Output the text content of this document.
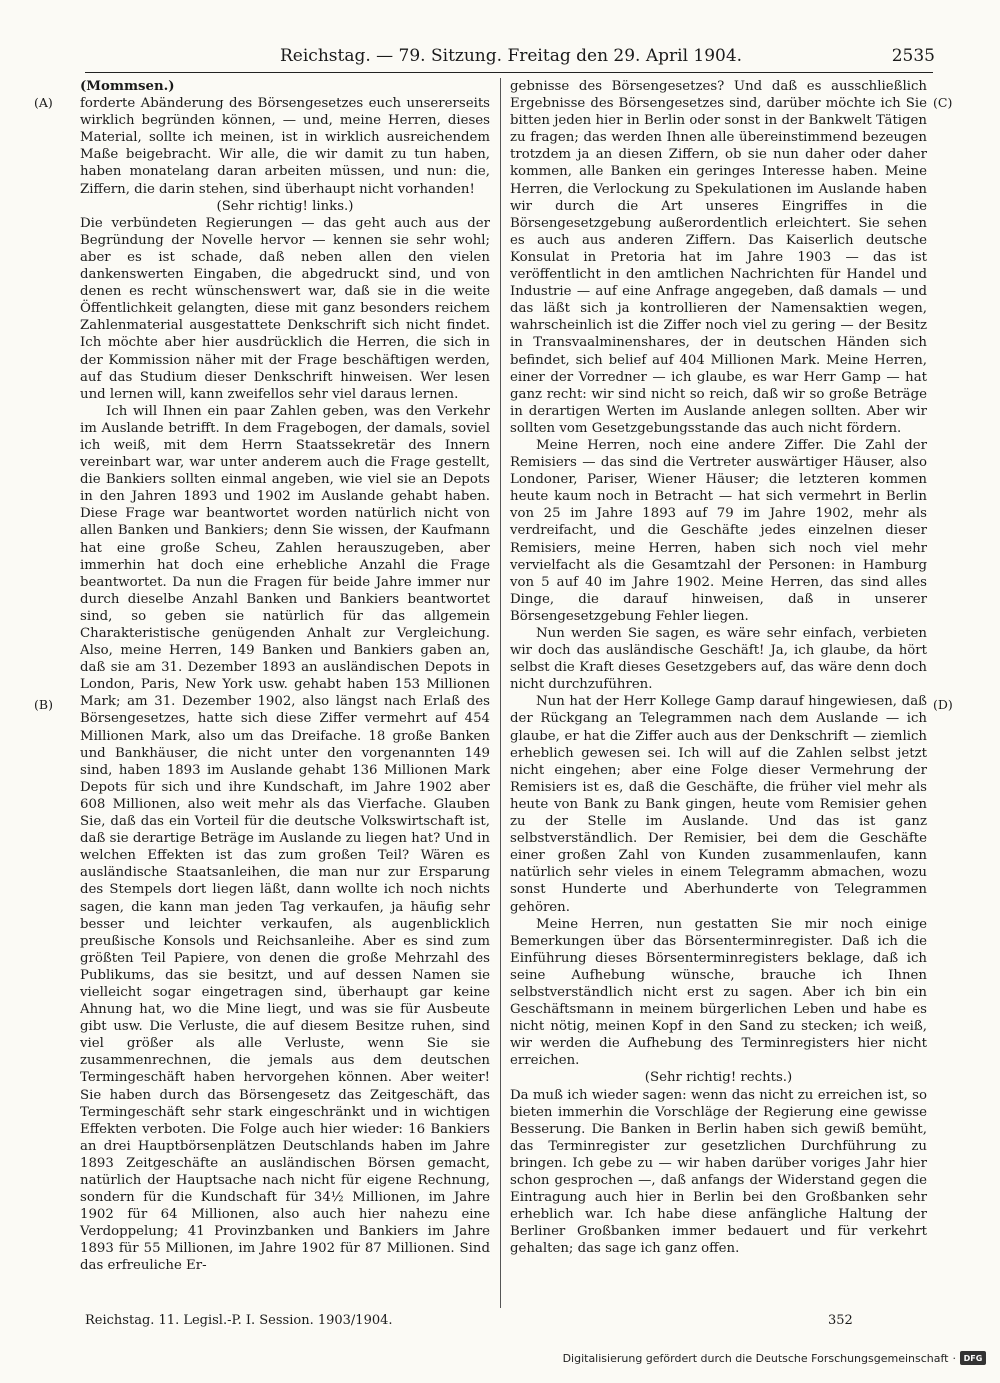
Reichstag. — 79. Sitzung. Freitag den 29. April 1904.	2535
(A)
(B)
(C)
(D)

(Mommsen.)

forderte Abänderung des Börsengesetzes euch unsererseits wirklich begründen können, — und, meine Herren, dieses Material, sollte ich meinen, ist in wirklich ausreichendem Maße beigebracht. Wir alle, die wir damit zu tun haben, haben monatelang daran arbeiten müssen, und nun: die, Ziffern, die darin stehen, sind überhaupt nicht vorhanden!

(Sehr richtig! links.)

Die verbündeten Regierungen — das geht auch aus der Begründung der Novelle hervor — kennen sie sehr wohl; aber es ist schade, daß neben allen den vielen dankenswerten Eingaben, die abgedruckt sind, und von denen es recht wünschenswert war, daß sie in die weite Öffentlichkeit gelangten, diese mit ganz besonders reichem Zahlenmaterial ausgestattete Denkschrift sich nicht findet. Ich möchte aber hier ausdrücklich die Herren, die sich in der Kommission näher mit der Frage beschäftigen werden, auf das Studium dieser Denkschrift hinweisen. Wer lesen und lernen will, kann zweifellos sehr viel daraus lernen.

Ich will Ihnen ein paar Zahlen geben, was den Verkehr im Auslande betrifft. In dem Fragebogen, der damals, soviel ich weiß, mit dem Herrn Staatssekretär des Innern vereinbart war, war unter anderem auch die Frage gestellt, die Bankiers sollten einmal angeben, wie viel sie an Depots in den Jahren 1893 und 1902 im Auslande gehabt haben. Diese Frage war beantwortet worden natürlich nicht von allen Banken und Bankiers; denn Sie wissen, der Kaufmann hat eine große Scheu, Zahlen herauszugeben, aber immerhin hat doch eine erhebliche Anzahl die Frage beantwortet. Da nun die Fragen für beide Jahre immer nur durch dieselbe Anzahl Banken und Bankiers beantwortet sind, so geben sie natürlich für das allgemein Charakteristische genügenden Anhalt zur Vergleichung. Also, meine Herren, 149 Banken und Bankiers gaben an, daß sie am 31. Dezember 1893 an ausländischen Depots in London, Paris, New York usw. gehabt haben 153 Millionen Mark; am 31. Dezember 1902, also längst nach Erlaß des Börsengesetzes, hatte sich diese Ziffer vermehrt auf 454 Millionen Mark, also um das Dreifache. 18 große Banken und Bankhäuser, die nicht unter den vorgenannten 149 sind, haben 1893 im Auslande gehabt 136 Millionen Mark Depots für sich und ihre Kundschaft, im Jahre 1902 aber 608 Millionen, also weit mehr als das Vierfache. Glauben Sie, daß das ein Vorteil für die deutsche Volkswirtschaft ist, daß sie derartige Beträge im Auslande zu liegen hat? Und in welchen Effekten ist das zum großen Teil? Wären es ausländische Staatsanleihen, die man nur zur Ersparung des Stempels dort liegen läßt, dann wollte ich noch nichts sagen, die kann man jeden Tag verkaufen, ja häufig sehr besser und leichter verkaufen, als augenblicklich preußische Konsols und Reichsanleihe. Aber es sind zum größten Teil Papiere, von denen die große Mehrzahl des Publikums, das sie besitzt, und auf dessen Namen sie vielleicht sogar eingetragen sind, überhaupt gar keine Ahnung hat, wo die Mine liegt, und was sie für Ausbeute gibt usw. Die Verluste, die auf diesem Besitze ruhen, sind viel größer als alle Verluste, wenn Sie sie zusammenrechnen, die jemals aus dem deutschen Termingeschäft haben hervorgehen können. Aber weiter! Sie haben durch das Börsengesetz das Zeitgeschäft, das Termingeschäft sehr stark eingeschränkt und in wichtigen Effekten verboten. Die Folge auch hier wieder: 16 Bankiers an drei Hauptbörsenplätzen Deutschlands haben im Jahre 1893 Zeitgeschäfte an ausländischen Börsen gemacht, natürlich der Hauptsache nach nicht für eigene Rechnung, sondern für die Kundschaft für 34½ Millionen, im Jahre 1902 für 64 Millionen, also auch hier nahezu eine Verdoppelung; 41 Provinzbanken und Bankiers im Jahre 1893 für 55 Millionen, im Jahre 1902 für 87 Millionen. Sind das erfreuliche Er-

gebnisse des Börsengesetzes? Und daß es ausschließlich Ergebnisse des Börsengesetzes sind, darüber möchte ich Sie bitten jeden hier in Berlin oder sonst in der Bankwelt Tätigen zu fragen; das werden Ihnen alle übereinstimmend bezeugen trotzdem ja an diesen Ziffern, ob sie nun daher oder daher kommen, alle Banken ein geringes Interesse haben. Meine Herren, die Verlockung zu Spekulationen im Auslande haben wir durch die Art unseres Eingriffes in die Börsengesetzgebung außerordentlich erleichtert. Sie sehen es auch aus anderen Ziffern. Das Kaiserlich deutsche Konsulat in Pretoria hat im Jahre 1903 — das ist veröffentlicht in den amtlichen Nachrichten für Handel und Industrie — auf eine Anfrage angegeben, daß damals — und das läßt sich ja kontrollieren der Namensaktien wegen, wahrscheinlich ist die Ziffer noch viel zu gering — der Besitz in Transvaalminenshares, der in deutschen Händen sich befindet, sich belief auf 404 Millionen Mark. Meine Herren, einer der Vorredner — ich glaube, es war Herr Gamp — hat ganz recht: wir sind nicht so reich, daß wir so große Beträge in derartigen Werten im Auslande anlegen sollten. Aber wir sollten vom Gesetzgebungsstande das auch nicht fördern.

Meine Herren, noch eine andere Ziffer. Die Zahl der Remisiers — das sind die Vertreter auswärtiger Häuser, also Londoner, Pariser, Wiener Häuser; die letzteren kommen heute kaum noch in Betracht — hat sich vermehrt in Berlin von 25 im Jahre 1893 auf 79 im Jahre 1902, mehr als verdreifacht, und die Geschäfte jedes einzelnen dieser Remisiers, meine Herren, haben sich noch viel mehr vervielfacht als die Gesamtzahl der Personen: in Hamburg von 5 auf 40 im Jahre 1902. Meine Herren, das sind alles Dinge, die darauf hinweisen, daß in unserer Börsengesetzgebung Fehler liegen.

Nun werden Sie sagen, es wäre sehr einfach, verbieten wir doch das ausländische Geschäft! Ja, ich glaube, da hört selbst die Kraft dieses Gesetzgebers auf, das wäre denn doch nicht durchzuführen.

Nun hat der Herr Kollege Gamp darauf hingewiesen, daß der Rückgang an Telegrammen nach dem Auslande — ich glaube, er hat die Ziffer auch aus der Denkschrift — ziemlich erheblich gewesen sei. Ich will auf die Zahlen selbst jetzt nicht eingehen; aber eine Folge dieser Vermehrung der Remisiers ist es, daß die Geschäfte, die früher viel mehr als heute von Bank zu Bank gingen, heute vom Remisier gehen zu der Stelle im Auslande. Und das ist ganz selbstverständlich. Der Remisier, bei dem die Geschäfte einer großen Zahl von Kunden zusammenlaufen, kann natürlich sehr vieles in einem Telegramm abmachen, wozu sonst Hunderte und Aberhunderte von Telegrammen gehören.

Meine Herren, nun gestatten Sie mir noch einige Bemerkungen über das Börsenterminregister. Daß ich die Einführung dieses Börsenterminregisters beklage, daß ich seine Aufhebung wünsche, brauche ich Ihnen selbstverständlich nicht erst zu sagen. Aber ich bin ein Geschäftsmann in meinem bürgerlichen Leben und habe es nicht nötig, meinen Kopf in den Sand zu stecken; ich weiß, wir werden die Aufhebung des Terminregisters hier nicht erreichen.

(Sehr richtig! rechts.)

Da muß ich wieder sagen: wenn das nicht zu erreichen ist, so bieten immerhin die Vorschläge der Regierung eine gewisse Besserung. Die Banken in Berlin haben sich gewiß bemüht, das Terminregister zur gesetzlichen Durchführung zu bringen. Ich gebe zu — wir haben darüber voriges Jahr hier schon gesprochen —, daß anfangs der Widerstand gegen die Eintragung auch hier in Berlin bei den Großbanken sehr erheblich war. Ich habe diese anfängliche Haltung der Berliner Großbanken immer bedauert und für verkehrt gehalten; das sage ich ganz offen.

Reichstag. 11. Legisl.-P. I. Session. 1903/1904.	352
Digitalisierung gefördert durch die Deutsche Forschungsgemeinschaft · DFG
